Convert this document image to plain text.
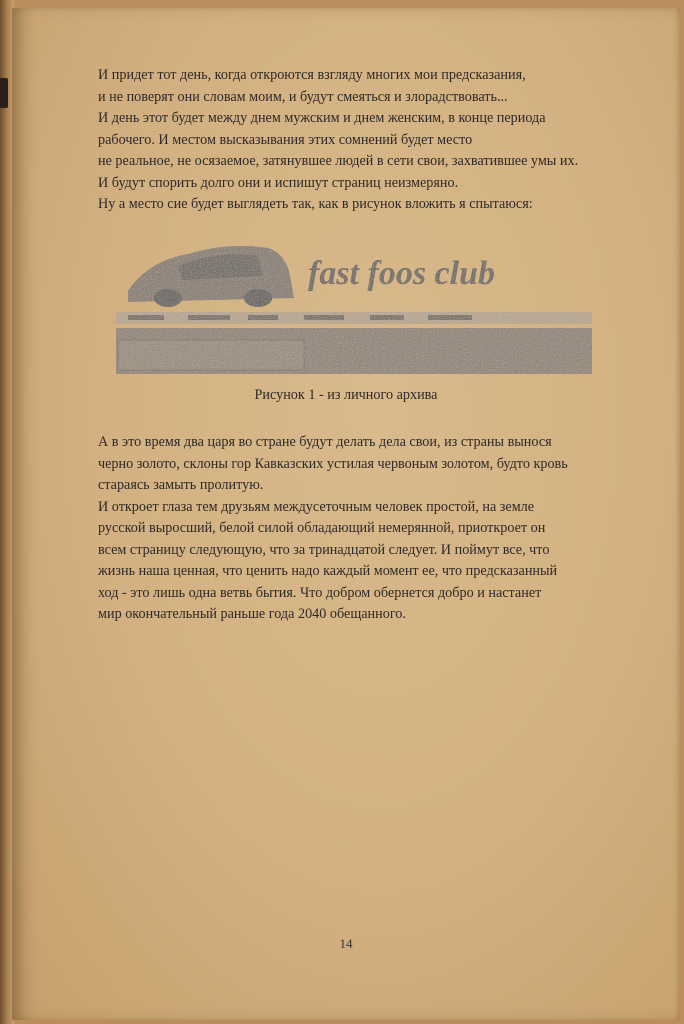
И придет тот день, когда откроются взгляду многих мои предсказания,
и не поверят они словам моим, и будут смеяться и злорадствовать...
И день этот будет между днем мужским и днем женским, в конце периода
рабочего. И местом высказывания этих сомнений будет место
не реальное, не осязаемое, затянувшее людей в сети свои, захватившее умы их.
И будут спорить долго они и испишут страниц неизмеряно.
Ну а место сие будет выглядеть так, как в рисунок вложить я спытаюся:
fast foos club
Рисунок 1 - из личного архива
А в это время два царя во стране будут делать дела свои, из страны вынося
черно золото, склоны гор Кавказских устилая червоным золотом, будто кровь
стараясь замыть пролитую.
И откроет глаза тем друзьям междусеточным человек простой, на земле
русской выросший, белой силой обладающий немерянной, приоткроет он
всем страницу следующую, что за тринадцатой следует. И поймут все, что
жизнь наша ценная, что ценить надо каждый момент ее, что предсказанный
ход - это лишь одна ветвь бытия. Что добром обернется добро и настанет
мир окончательный раньше года 2040 обещанного.
14
